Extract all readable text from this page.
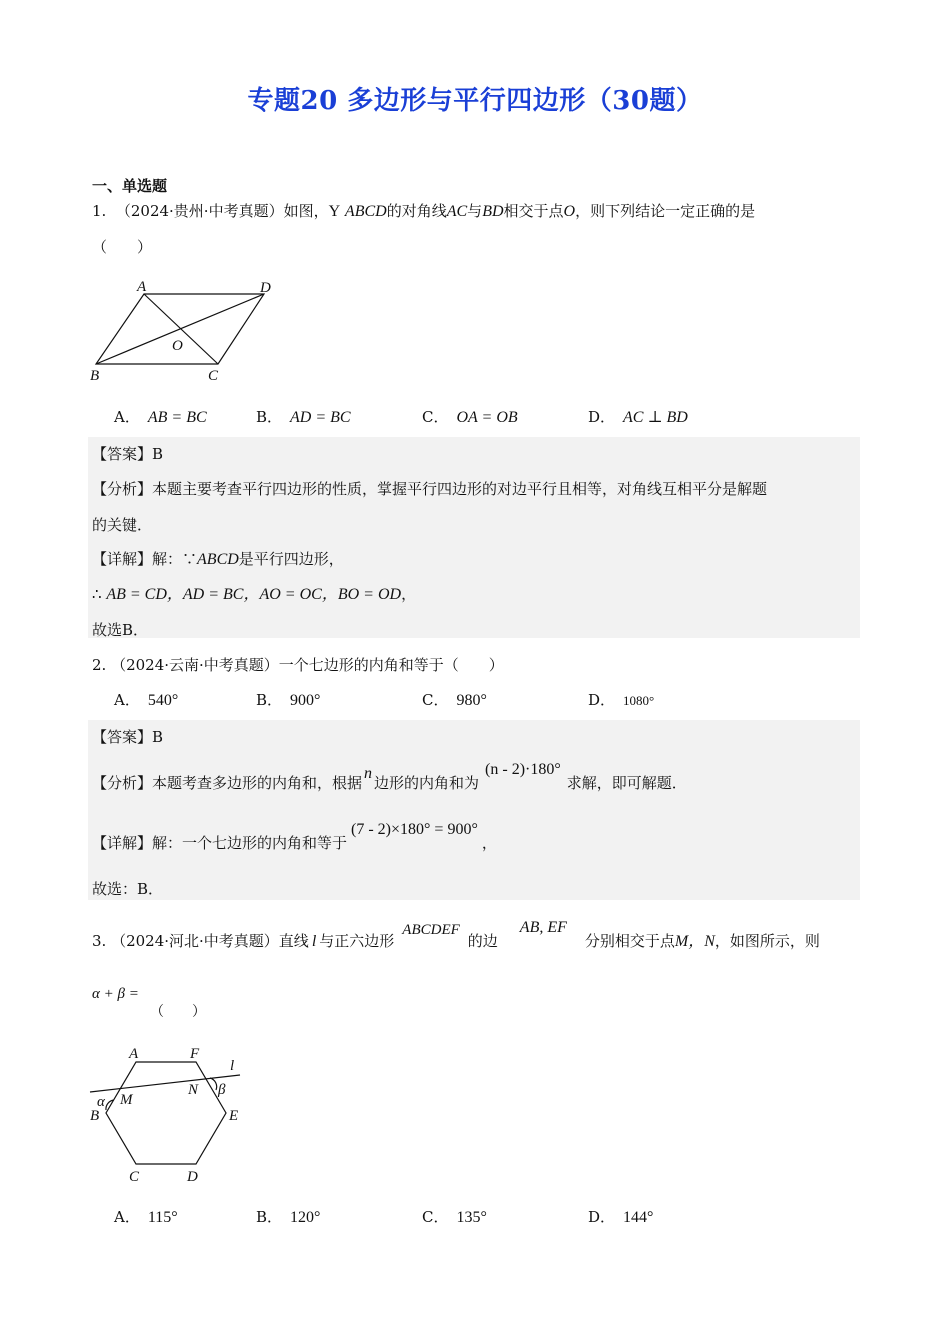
专题20 多边形与平行四边形（30题）
一、单选题
1. （2024·贵州·中考真题）如图，Y ABCD的对角线AC与BD相交于点O，则下列结论一定正确的是
（　　）
A	D
O
B	C
A． AB = BC	B． AD = BC	C． OA = OB	D． AC ⊥ BD
【答案】B
【分析】本题主要考查平行四边形的性质，掌握平行四边形的对边平行且相等，对角线互相平分是解题
的关键．
【详解】解：∵ABCD是平行四边形，
∴ AB = CD，AD = BC，AO = OC，BO = OD，
故选B．
2. （2024·云南·中考真题）一个七边形的内角和等于（　　）
A． 540°	B． 900°	C． 980°	D． 1080°
【答案】B
【分析】本题考查多边形的内角和，根据n边形的内角和为(n - 2)·180°求解，即可解题．
【详解】解：一个七边形的内角和等于(7 - 2)×180° = 900°，
故选：B．
3. （2024·河北·中考真题）直线 l 与正六边形ABCDEF的边AB, EF分别相交于点M，N，如图所示，则
α + β =
（　　）
A	F
l
N β
α M
B	E
C	D
A． 115°	B． 120°	C． 135°	D． 144°
